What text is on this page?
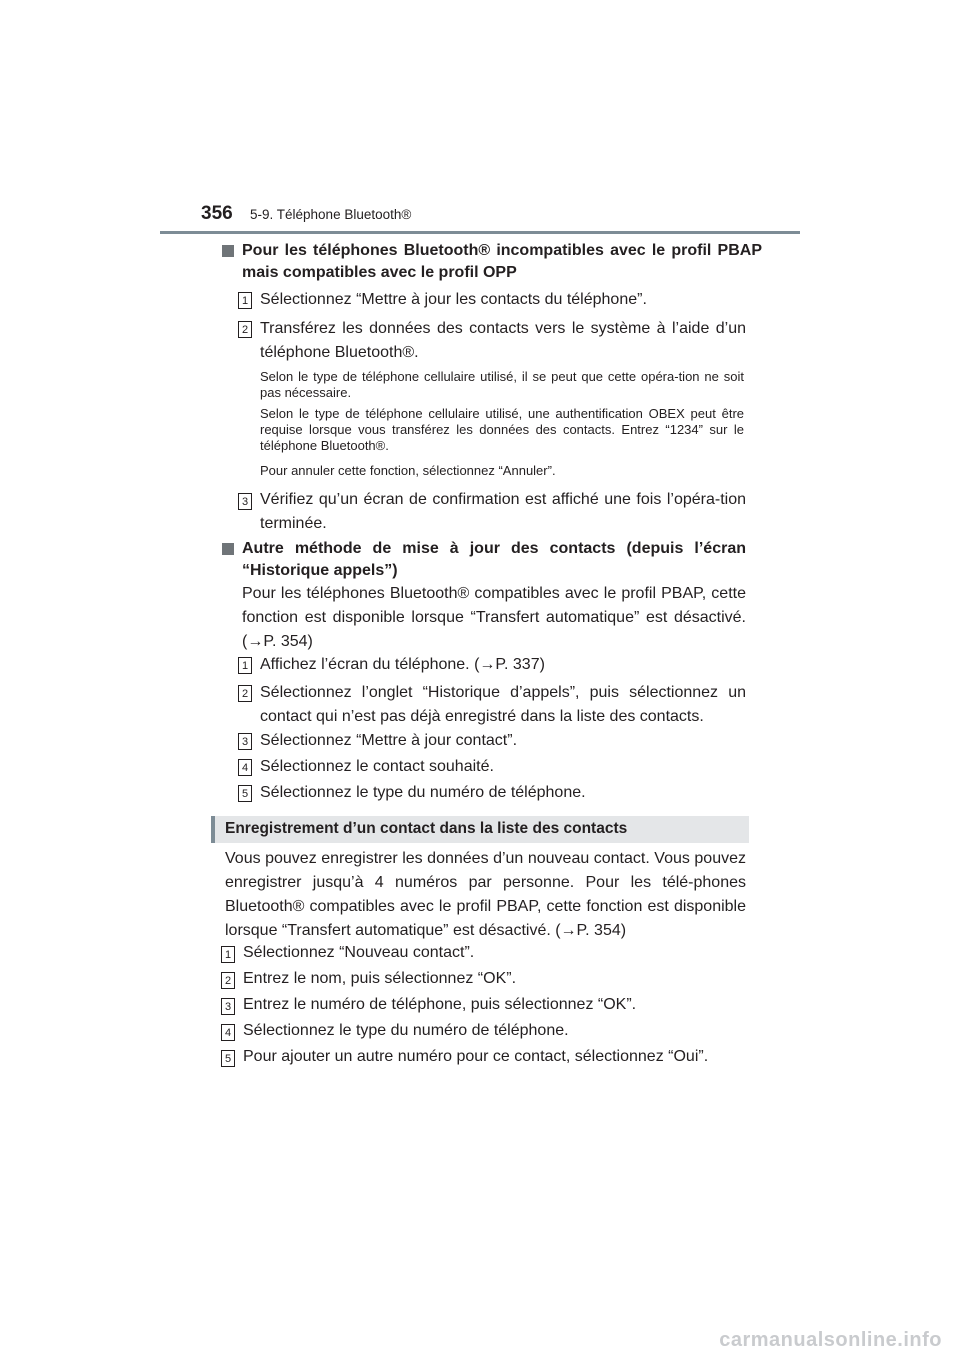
356 5-9. Téléphone Bluetooth®
Pour les téléphones Bluetooth® incompatibles avec le profil PBAP mais compatibles avec le profil OPP
1 Sélectionnez “Mettre à jour les contacts du téléphone”.
2 Transférez les données des contacts vers le système à l’aide d’un téléphone Bluetooth®.
Selon le type de téléphone cellulaire utilisé, il se peut que cette opéra-tion ne soit pas nécessaire.
Selon le type de téléphone cellulaire utilisé, une authentification OBEX peut être requise lorsque vous transférez les données des contacts. Entrez “1234” sur le téléphone Bluetooth®.
Pour annuler cette fonction, sélectionnez “Annuler”.
3 Vérifiez qu’un écran de confirmation est affiché une fois l’opéra-tion terminée.
Autre méthode de mise à jour des contacts (depuis l’écran “Historique appels”)
Pour les téléphones Bluetooth® compatibles avec le profil PBAP, cette fonction est disponible lorsque “Transfert automatique” est désactivé. (→P. 354)
1 Affichez l’écran du téléphone. (→P. 337)
2 Sélectionnez l’onglet “Historique d’appels”, puis sélectionnez un contact qui n’est pas déjà enregistré dans la liste des contacts.
3 Sélectionnez “Mettre à jour contact”.
4 Sélectionnez le contact souhaité.
5 Sélectionnez le type du numéro de téléphone.
Enregistrement d’un contact dans la liste des contacts
Vous pouvez enregistrer les données d’un nouveau contact. Vous pouvez enregistrer jusqu’à 4 numéros par personne. Pour les télé-phones Bluetooth® compatibles avec le profil PBAP, cette fonction est disponible lorsque “Transfert automatique” est désactivé. (→P. 354)
1 Sélectionnez “Nouveau contact”.
2 Entrez le nom, puis sélectionnez “OK”.
3 Entrez le numéro de téléphone, puis sélectionnez “OK”.
4 Sélectionnez le type du numéro de téléphone.
5 Pour ajouter un autre numéro pour ce contact, sélectionnez “Oui”.
carmanualsonline.info
